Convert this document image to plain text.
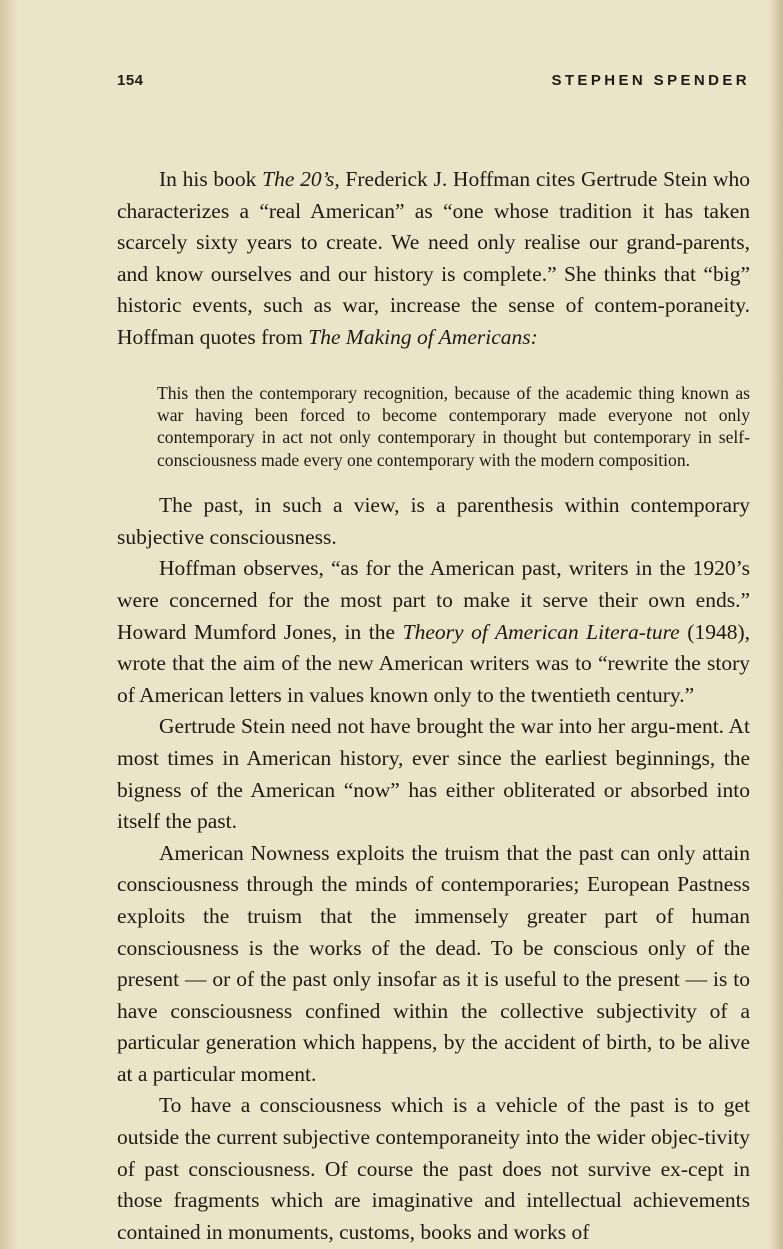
154	STEPHEN SPENDER

In his book The 20’s, Frederick J. Hoffman cites Gertrude Stein who characterizes a “real American” as “one whose tradition it has taken scarcely sixty years to create. We need only realise our grand-parents, and know ourselves and our history is complete.” She thinks that “big” historic events, such as war, increase the sense of contem-poraneity. Hoffman quotes from The Making of Americans:

This then the contemporary recognition, because of the academic thing known as war having been forced to become contemporary made everyone not only contemporary in act not only contemporary in thought but contemporary in self-consciousness made every one contemporary with the modern composition.

The past, in such a view, is a parenthesis within contemporary subjective consciousness.

Hoffman observes, “as for the American past, writers in the 1920’s were concerned for the most part to make it serve their own ends.” Howard Mumford Jones, in the Theory of American Litera-ture (1948), wrote that the aim of the new American writers was to “rewrite the story of American letters in values known only to the twentieth century.”

Gertrude Stein need not have brought the war into her argu-ment. At most times in American history, ever since the earliest beginnings, the bigness of the American “now” has either obliterated or absorbed into itself the past.

American Nowness exploits the truism that the past can only attain consciousness through the minds of contemporaries; European Pastness exploits the truism that the immensely greater part of human consciousness is the works of the dead. To be conscious only of the present — or of the past only insofar as it is useful to the present — is to have consciousness confined within the collective subjectivity of a particular generation which happens, by the accident of birth, to be alive at a particular moment.

To have a consciousness which is a vehicle of the past is to get outside the current subjective contemporaneity into the wider objec-tivity of past consciousness. Of course the past does not survive ex-cept in those fragments which are imaginative and intellectual achievements contained in monuments, customs, books and works of
